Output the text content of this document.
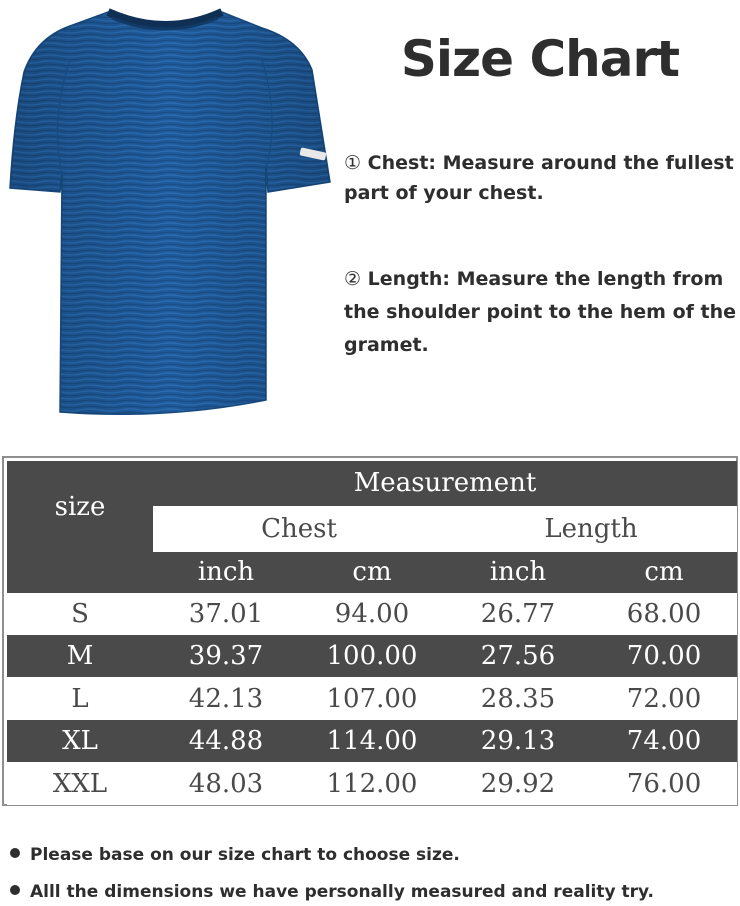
Size Chart
① Chest: Measure around the fullest part of your chest.
② Length: Measure the length from the shoulder point to the hem of the gramet.
size	Measurement			
	Chest		Length	
	inch	cm	inch	cm
S	37.01	94.00	26.77	68.00
M	39.37	100.00	27.56	70.00
L	42.13	107.00	28.35	72.00
XL	44.88	114.00	29.13	74.00
XXL	48.03	112.00	29.92	76.00
Please base on our size chart to choose size.
Alll the dimensions we have personally measured and reality try.
